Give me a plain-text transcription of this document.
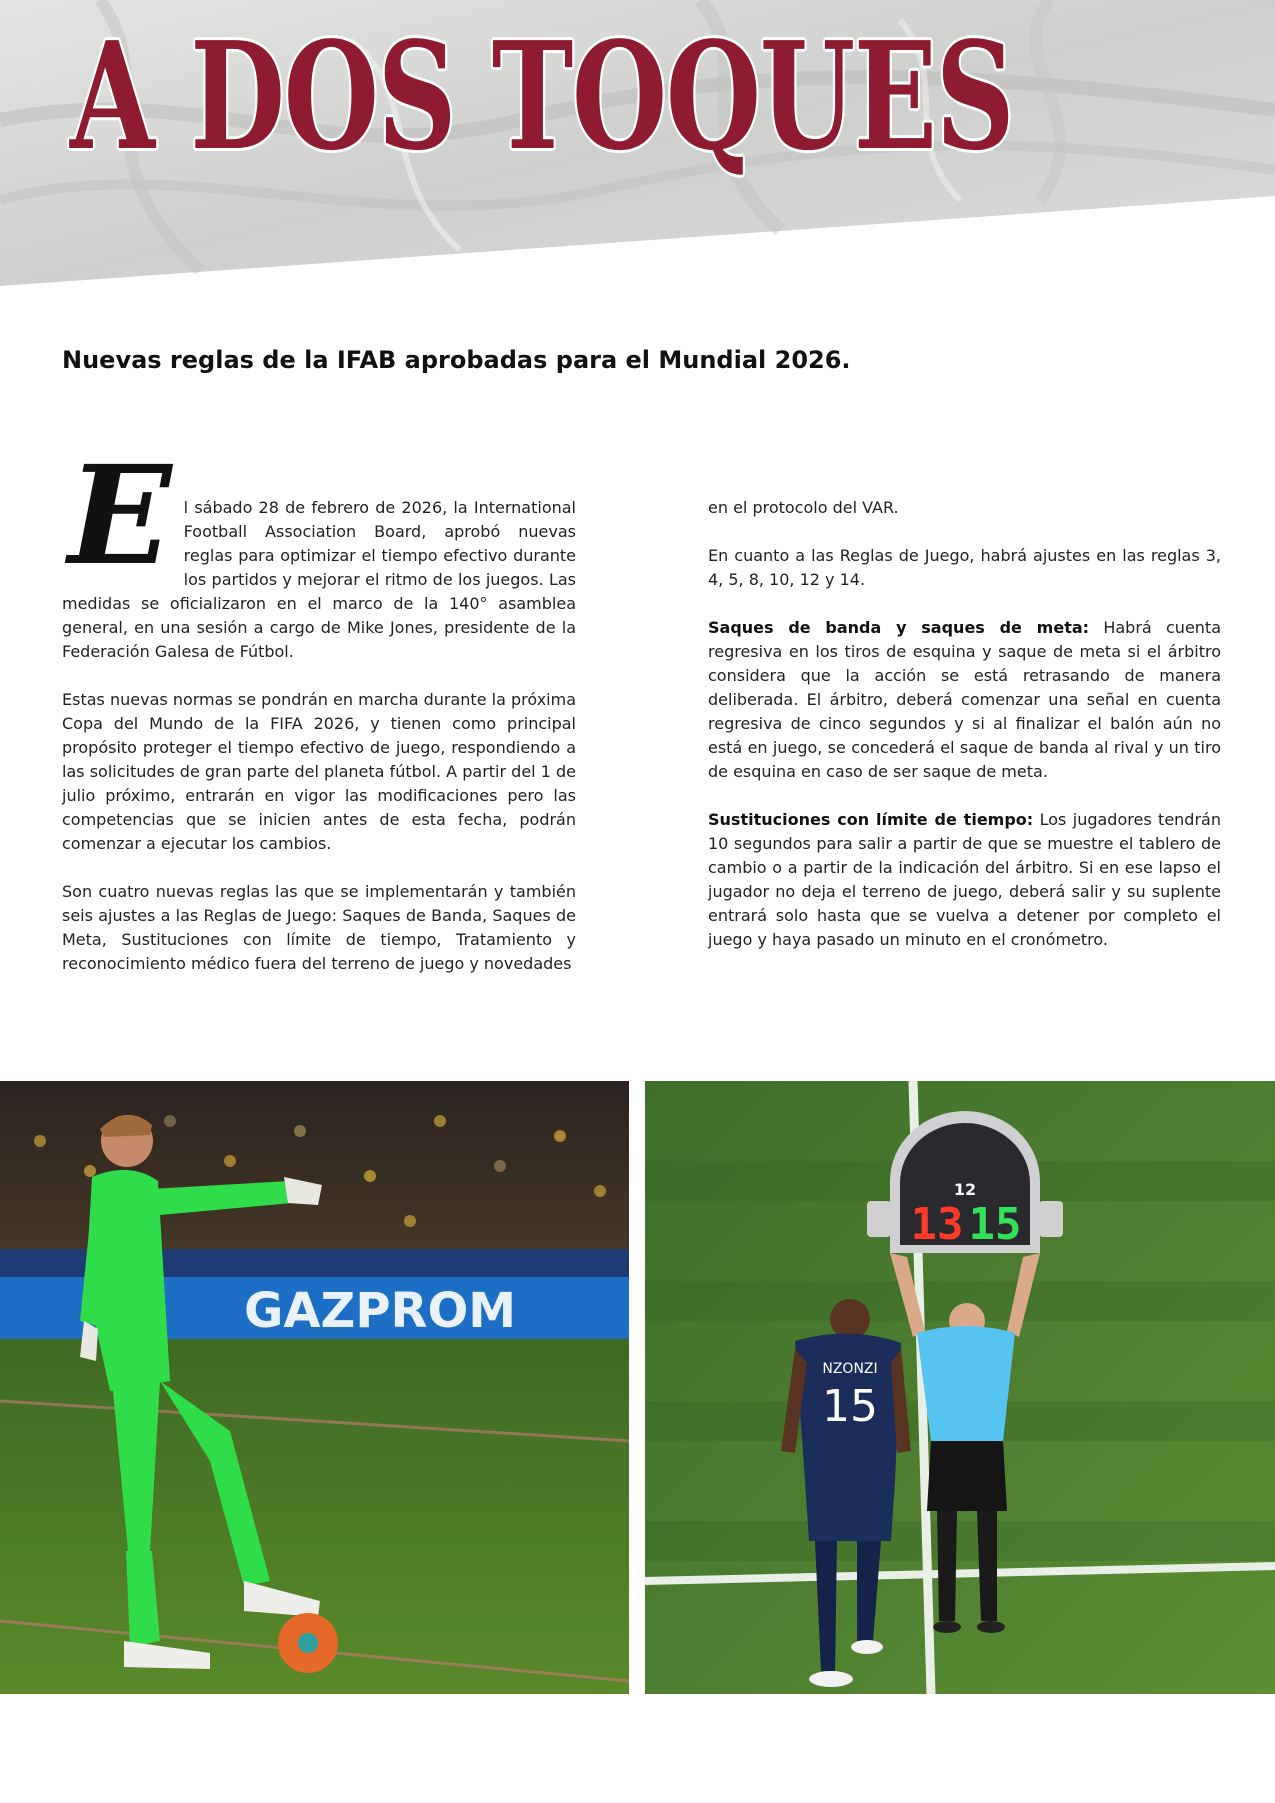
A DOS TOQUES
Nuevas reglas de la IFAB aprobadas para el Mundial 2026.

El sábado 28 de febrero de 2026, la International Football Association Board, aprobó nuevas reglas para optimizar el tiempo efectivo durante los partidos y mejorar el ritmo de los juegos. Las medidas se oficializaron en el marco de la 140° asamblea general, en una sesión a cargo de Mike Jones, presidente de la Federación Galesa de Fútbol.

Estas nuevas normas se pondrán en marcha durante la próxima Copa del Mundo de la FIFA 2026, y tienen como principal propósito proteger el tiempo efectivo de juego, respondiendo a las solicitudes de gran parte del planeta fútbol. A partir del 1 de julio próximo, entrarán en vigor las modificaciones pero las competencias que se inicien antes de esta fecha, podrán comenzar a ejecutar los cambios.

Son cuatro nuevas reglas las que se implementarán y también seis ajustes a las Reglas de Juego: Saques de Banda, Saques de Meta, Sustituciones con límite de tiempo, Tratamiento y reconocimiento médico fuera del terreno de juego y novedades

en el protocolo del VAR.

En cuanto a las Reglas de Juego, habrá ajustes en las reglas 3, 4, 5, 8, 10, 12 y 14.

Saques de banda y saques de meta: Habrá cuenta regresiva en los tiros de esquina y saque de meta si el árbitro considera que la acción se está retrasando de manera deliberada. El árbitro, deberá comenzar una señal en cuenta regresiva de cinco segundos y si al finalizar el balón aún no está en juego, se concederá el saque de banda al rival y un tiro de esquina en caso de ser saque de meta.

Sustituciones con límite de tiempo: Los jugadores tendrán 10 segundos para salir a partir de que se muestre el tablero de cambio o a partir de la indicación del árbitro. Si en ese lapso el jugador no deja el terreno de juego, deberá salir y su suplente entrará solo hasta que se vuelva a detener por completo el juego y haya pasado un minuto en el cronómetro.

GAZPROM
12
13 15
NZONZI
15
